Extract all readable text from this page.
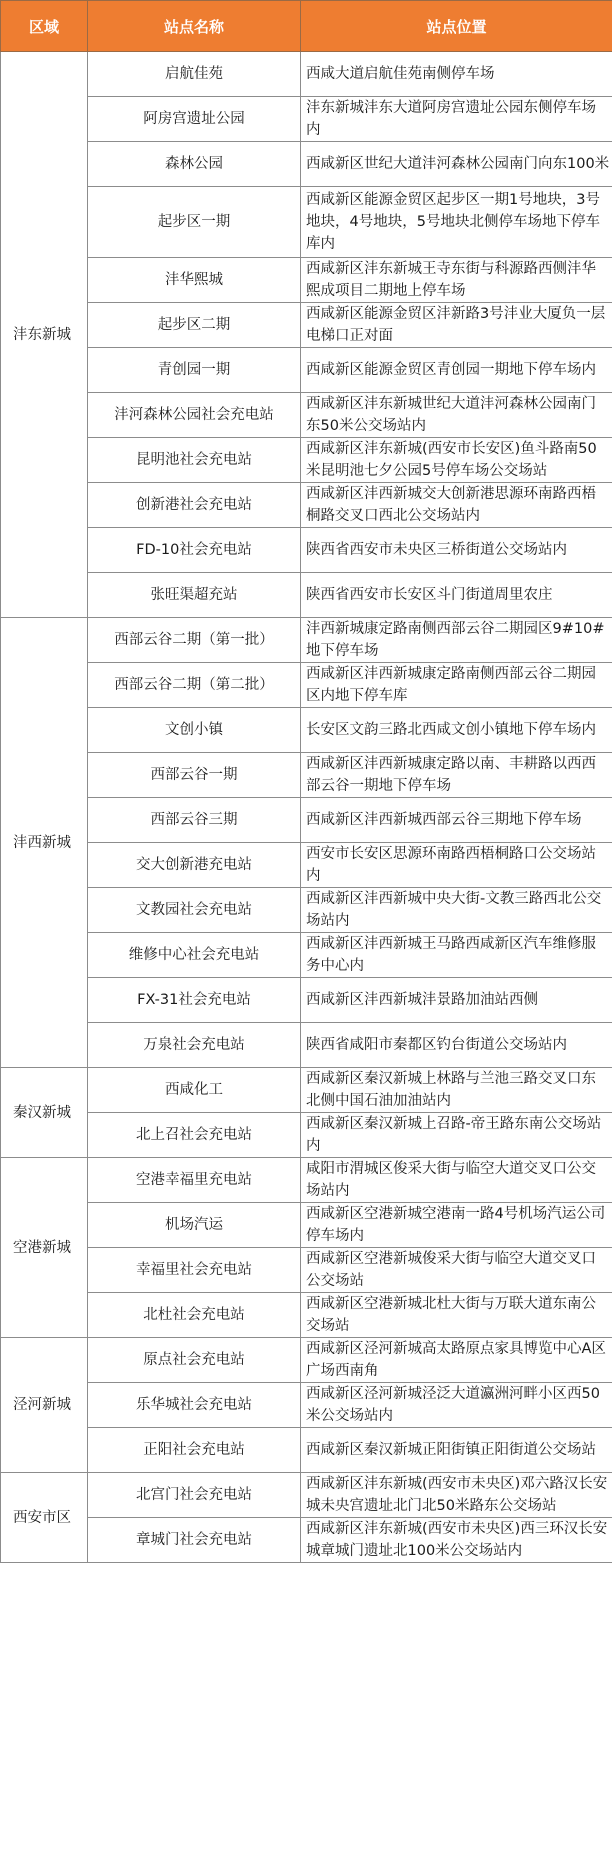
区域	站点名称	站点位置
沣东新城	启航佳苑	西咸大道启航佳苑南侧停车场
	阿房宫遗址公园	沣东新城沣东大道阿房宫遗址公园东侧停车场内
	森林公园	西咸新区世纪大道沣河森林公园南门向东100米
	起步区一期	西咸新区能源金贸区起步区一期1号地块，3号地块，4号地块，5号地块北侧停车场地下停车库内
	沣华熙城	西咸新区沣东新城王寺东街与科源路西侧沣华熙成项目二期地上停车场
	起步区二期	西咸新区能源金贸区沣新路3号沣业大厦负一层电梯口正对面
	青创园一期	西咸新区能源金贸区青创园一期地下停车场内
	沣河森林公园社会充电站	西咸新区沣东新城世纪大道沣河森林公园南门东50米公交场站内
	昆明池社会充电站	西咸新区沣东新城(西安市长安区)鱼斗路南50米昆明池七夕公园5号停车场公交场站
	创新港社会充电站	西咸新区沣西新城交大创新港思源环南路西梧桐路交叉口西北公交场站内
	FD-10社会充电站	陕西省西安市未央区三桥街道公交场站内
	张旺渠超充站	陕西省西安市长安区斗门街道周里农庄
沣西新城	西部云谷二期（第一批）	沣西新城康定路南侧西部云谷二期园区9#10#地下停车场
	西部云谷二期（第二批）	西咸新区沣西新城康定路南侧西部云谷二期园区内地下停车库
	文创小镇	长安区文韵三路北西咸文创小镇地下停车场内
	西部云谷一期	西咸新区沣西新城康定路以南、丰耕路以西西部云谷一期地下停车场
	西部云谷三期	西咸新区沣西新城西部云谷三期地下停车场
	交大创新港充电站	西安市长安区思源环南路西梧桐路口公交场站内
	文教园社会充电站	西咸新区沣西新城中央大街-文教三路西北公交场站内
	维修中心社会充电站	西咸新区沣西新城王马路西咸新区汽车维修服务中心内
	FX-31社会充电站	西咸新区沣西新城沣景路加油站西侧
	万泉社会充电站	陕西省咸阳市秦都区钓台街道公交场站内
秦汉新城	西咸化工	西咸新区秦汉新城上林路与兰池三路交叉口东北侧中国石油加油站内
	北上召社会充电站	西咸新区秦汉新城上召路-帝王路东南公交场站内
空港新城	空港幸福里充电站	咸阳市渭城区俊采大街与临空大道交叉口公交场站内
	机场汽运	西咸新区空港新城空港南一路4号机场汽运公司停车场内
	幸福里社会充电站	西咸新区空港新城俊采大街与临空大道交叉口公交场站
	北杜社会充电站	西咸新区空港新城北杜大街与万联大道东南公交场站
泾河新城	原点社会充电站	西咸新区泾河新城高太路原点家具博览中心A区广场西南角
	乐华城社会充电站	西咸新区泾河新城泾泛大道瀛洲河畔小区西50米公交场站内
	正阳社会充电站	西咸新区秦汉新城正阳街镇正阳街道公交场站
西安市区	北宫门社会充电站	西咸新区沣东新城(西安市未央区)邓六路汉长安城未央宫遗址北门北50米路东公交场站
	章城门社会充电站	西咸新区沣东新城(西安市未央区)西三环汉长安城章城门遗址北100米公交场站内
